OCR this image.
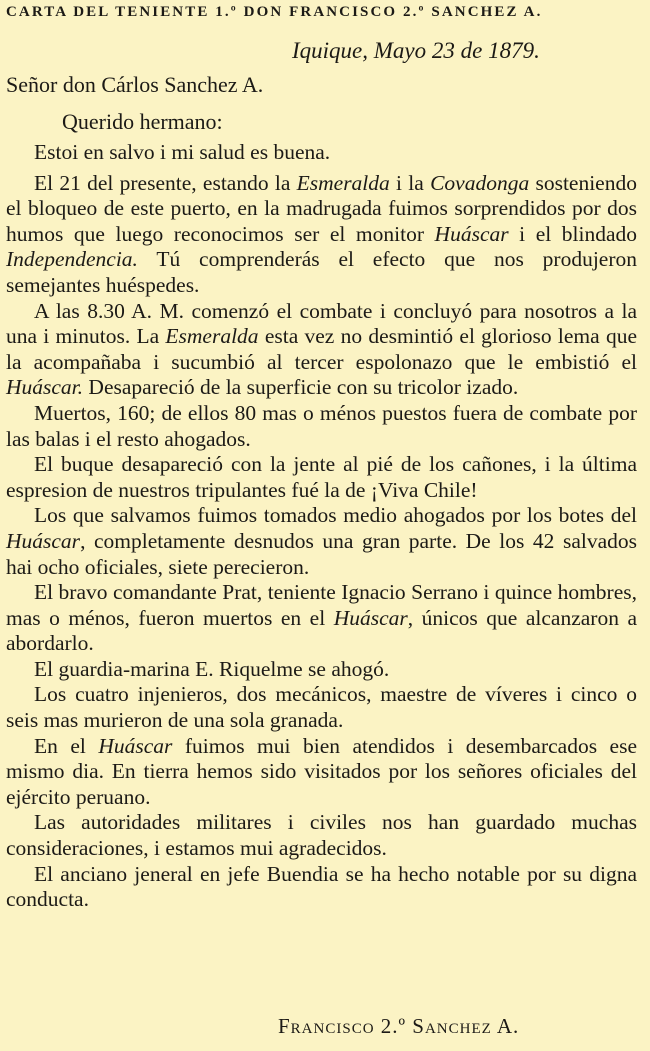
CARTA DEL TENIENTE 1.º DON FRANCISCO 2.º SANCHEZ A.
Iquique, Mayo 23 de 1879.
Señor don Cárlos Sanchez A.
Querido hermano:

Estoi en salvo i mi salud es buena.

El 21 del presente, estando la Esmeralda i la Covadonga sosteniendo el bloqueo de este puerto, en la madrugada fuimos sorprendidos por dos humos que luego reconocimos ser el monitor Huáscar i el blindado Independencia. Tú comprenderás el efecto que nos produjeron semejantes huéspedes.

A las 8.30 A. M. comenzó el combate i concluyó para nosotros a la una i minutos. La Esmeralda esta vez no desmintió el glorioso lema que la acompañaba i sucumbió al tercer espolonazo que le embistió el Huáscar. Desapareció de la superficie con su tricolor izado.

Muertos, 160; de ellos 80 mas o ménos puestos fuera de combate por las balas i el resto ahogados.

El buque desapareció con la jente al pié de los cañones, i la última espresion de nuestros tripulantes fué la de ¡Viva Chile!

Los que salvamos fuimos tomados medio ahogados por los botes del Huáscar, completamente desnudos una gran parte. De los 42 salvados hai ocho oficiales, siete perecieron.

El bravo comandante Prat, teniente Ignacio Serrano i quince hombres, mas o ménos, fueron muertos en el Huáscar, únicos que alcanzaron a abordarlo.

El guardia-marina E. Riquelme se ahogó.

Los cuatro injenieros, dos mecánicos, maestre de víveres i cinco o seis mas murieron de una sola granada.

En el Huáscar fuimos mui bien atendidos i desembarcados ese mismo dia. En tierra hemos sido visitados por los señores oficiales del ejército peruano.

Las autoridades militares i civiles nos han guardado muchas consideraciones, i estamos mui agradecidos.

El anciano jeneral en jefe Buendia se ha hecho notable por su digna conducta.

Francisco 2.º Sanchez A.
